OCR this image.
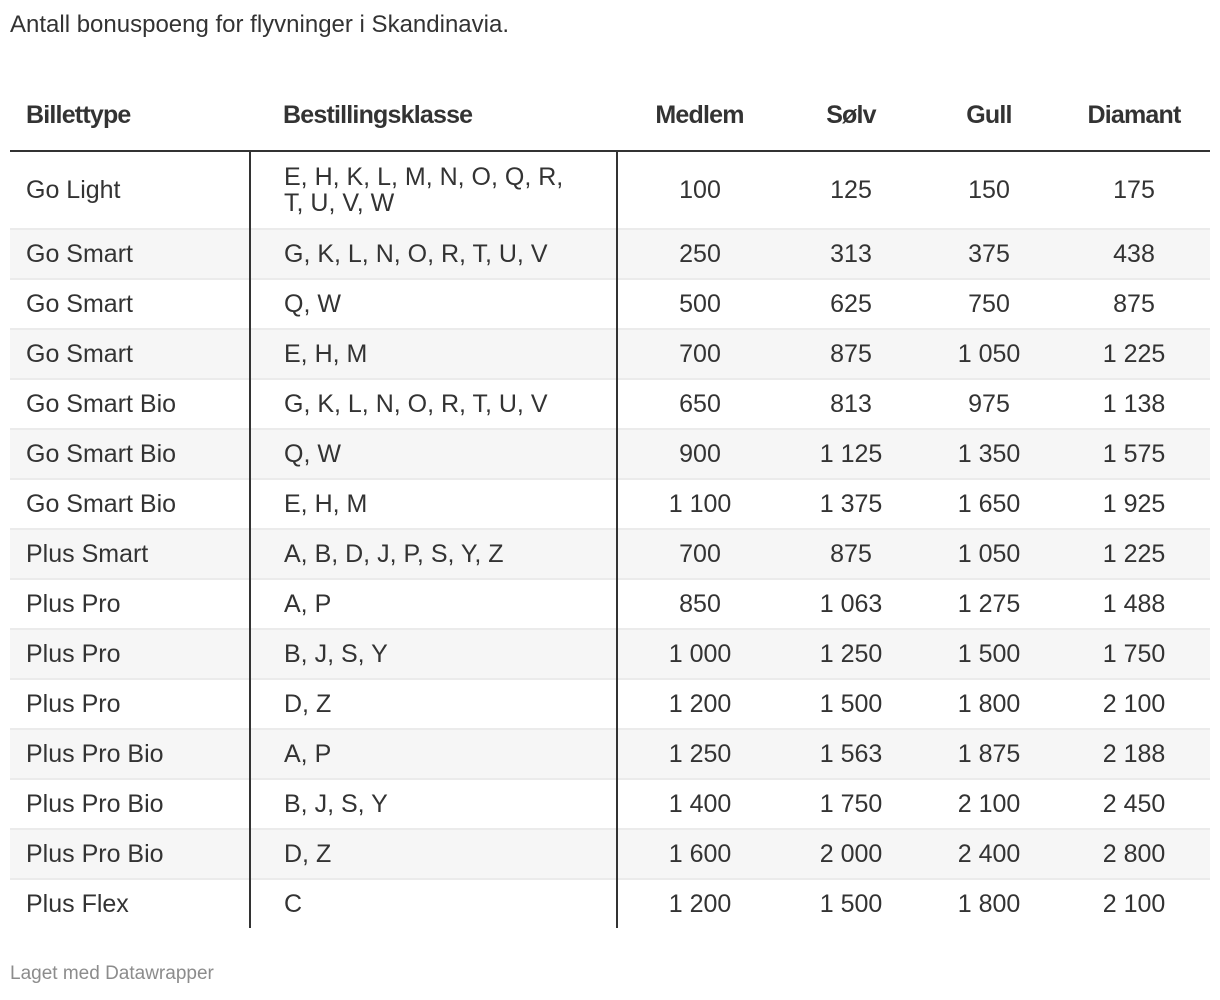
Antall bonuspoeng for flyvninger i Skandinavia.
Billettype	Bestillingsklasse	Medlem	Sølv	Gull	Diamant
Go Light	E, H, K, L, M, N, O, Q, R, T, U, V, W	100	125	150	175
Go Smart	G, K, L, N, O, R, T, U, V	250	313	375	438
Go Smart	Q, W	500	625	750	875
Go Smart	E, H, M	700	875	1 050	1 225
Go Smart Bio	G, K, L, N, O, R, T, U, V	650	813	975	1 138
Go Smart Bio	Q, W	900	1 125	1 350	1 575
Go Smart Bio	E, H, M	1 100	1 375	1 650	1 925
Plus Smart	A, B, D, J, P, S, Y, Z	700	875	1 050	1 225
Plus Pro	A, P	850	1 063	1 275	1 488
Plus Pro	B, J, S, Y	1 000	1 250	1 500	1 750
Plus Pro	D, Z	1 200	1 500	1 800	2 100
Plus Pro Bio	A, P	1 250	1 563	1 875	2 188
Plus Pro Bio	B, J, S, Y	1 400	1 750	2 100	2 450
Plus Pro Bio	D, Z	1 600	2 000	2 400	2 800
Plus Flex	C	1 200	1 500	1 800	2 100
Laget med Datawrapper
